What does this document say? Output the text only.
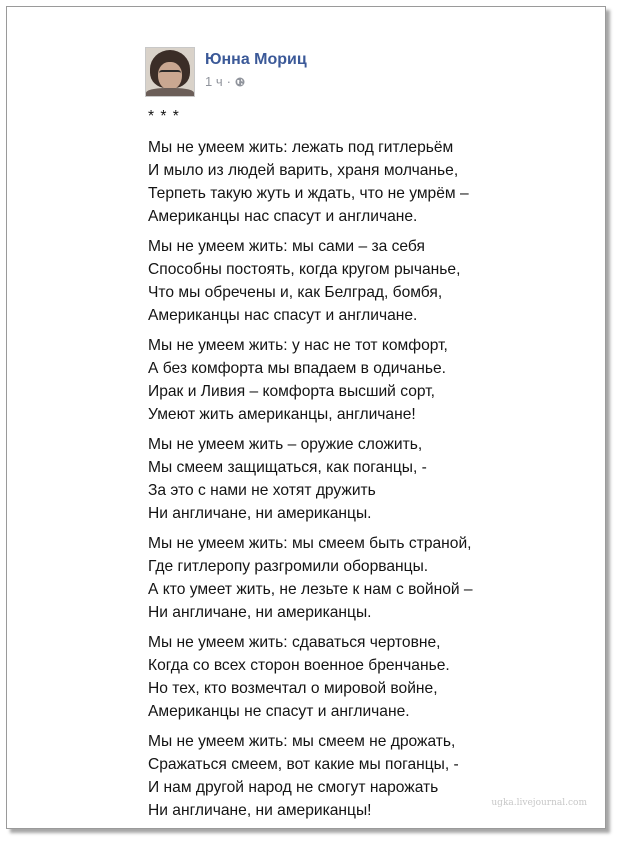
Юнна Мориц
1 ч ·
* * *
Мы не умеем жить: лежать под гитлерьём
И мыло из людей варить, храня молчанье,
Терпеть такую жуть и ждать, что не умрём –
Американцы нас спасут и англичане.
Мы не умеем жить: мы сами – за себя
Способны постоять, когда кругом рычанье,
Что мы обречены и, как Белград, бомбя,
Американцы нас спасут и англичане.
Мы не умеем жить: у нас не тот комфорт,
А без комфорта мы впадаем в одичанье.
Ирак и Ливия – комфорта высший сорт,
Умеют жить американцы, англичане!
Мы не умеем жить – оружие сложить,
Мы смеем защищаться, как поганцы, -
За это с нами не хотят дружить
Ни англичане, ни американцы.
Мы не умеем жить: мы смеем быть страной,
Где гитлеропу разгромили оборванцы.
А кто умеет жить, не лезьте к нам с войной –
Ни англичане, ни американцы.
Мы не умеем жить: сдаваться чертовне,
Когда со всех сторон военное бренчанье.
Но тех, кто возмечтал о мировой войне,
Американцы не спасут и англичане.
Мы не умеем жить: мы смеем не дрожать,
Сражаться смеем, вот какие мы поганцы, -
И нам другой народ не смогут нарожать
Ни англичане, ни американцы!	ugka.livejournal.com
